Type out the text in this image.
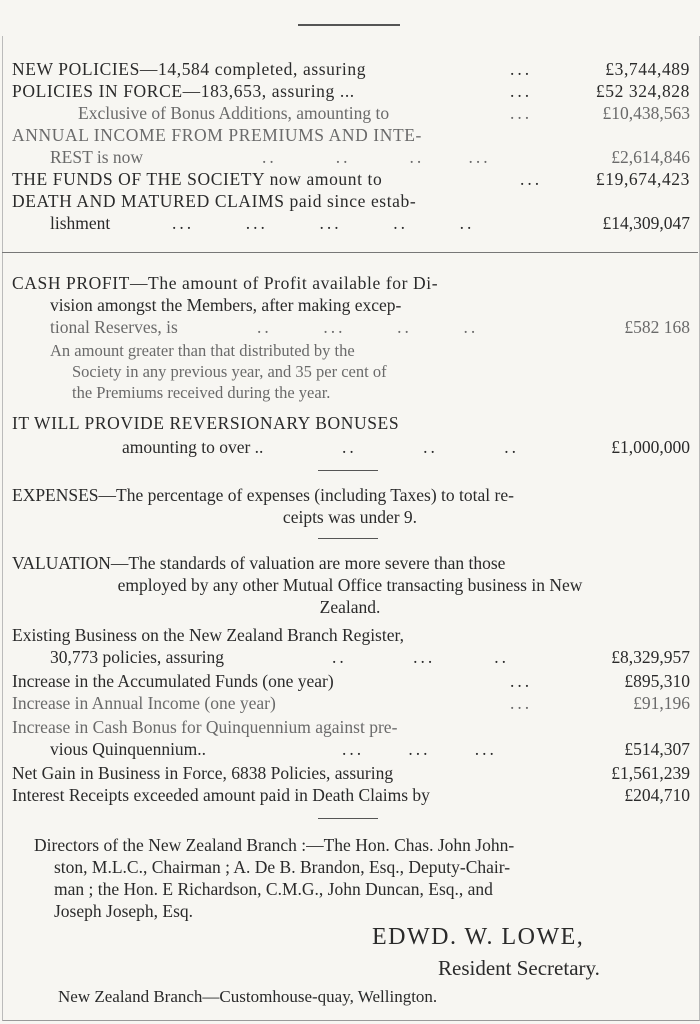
NEW POLICIES—14,584 completed, assuring	...	£3,744,489
POLICIES IN FORCE—183,653, assuring ...	...	£52 324,828
Exclusive of Bonus Additions, amounting to	...	£10,438,563
ANNUAL INCOME FROM PREMIUMS AND INTE-
REST is now	..        ..        ..      ...	£2,614,846
THE FUNDS OF THE SOCIETY now amount to	...	£19,674,423
DEATH AND MATURED CLAIMS paid since estab-
lishment	...       ...       ...       ..       ..	£14,309,047
CASH PROFIT—The amount of Profit available for Di-
vision amongst the Members, after making excep-
tional Reserves, is	..       ...       ..       ..	£582 168
An amount greater than that distributed by the
Society in any previous year, and 35 per cent of
the Premiums received during the year.
IT WILL PROVIDE REVERSIONARY BONUSES
amounting to over ..	..         ..         ..	£1,000,000
EXPENSES—The percentage of expenses (including Taxes) to total re-
ceipts was under 9.
VALUATION—The standards of valuation are more severe than those
employed by any other Mutual Office transacting business in New
Zealand.
Existing Business on the New Zealand Branch Register,
30,773 policies, assuring	..         ...        ..	£8,329,957
Increase in the Accumulated Funds (one year)	...	£895,310
Increase in Annual Income (one year)	...	£91,196
Increase in Cash Bonus for Quinquennium against pre-
vious Quinquennium..	...      ...      ...	£514,307
Net Gain in Business in Force, 6838 Policies, assuring	£1,561,239
Interest Receipts exceeded amount paid in Death Claims by	£204,710
Directors of the New Zealand Branch :—The Hon. Chas. John John-
ston, M.L.C., Chairman ; A. De B. Brandon, Esq., Deputy-Chair-
man ; the Hon. E Richardson, C.M.G., John Duncan, Esq., and
Joseph Joseph, Esq.
EDWD. W. LOWE,
Resident Secretary.
New Zealand Branch—Customhouse-quay, Wellington.
